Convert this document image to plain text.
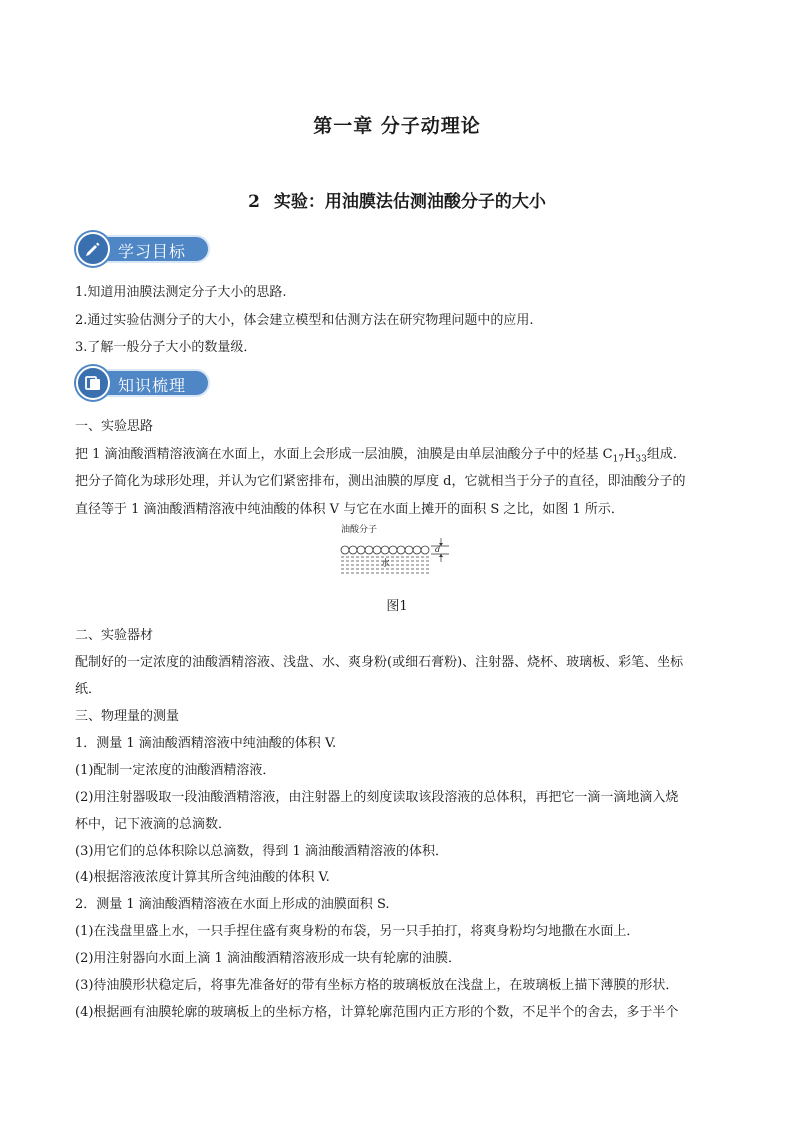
第一章 分子动理论
2 实验：用油膜法估测油酸分子的大小
学习目标
1.知道用油膜法测定分子大小的思路.
2.通过实验估测分子的大小，体会建立模型和估测方法在研究物理问题中的应用.
3.了解一般分子大小的数量级．
知识梳理
一、实验思路
把 1 滴油酸酒精溶液滴在水面上，水面上会形成一层油膜，油膜是由单层油酸分子中的烃基 $C_{17}H_{33}$组成．
把分子简化为球形处理，并认为它们紧密排布，测出油膜的厚度 d，它就相当于分子的直径，即油酸分子的
直径等于 1 滴油酸酒精溶液中纯油酸的体积 V 与它在水面上摊开的面积 S 之比，如图 1 所示．
油酸分子
水
d
图1
二、实验器材
配制好的一定浓度的油酸酒精溶液、浅盘、水、爽身粉(或细石膏粉)、注射器、烧杯、玻璃板、彩笔、坐标
纸．
三、物理量的测量
1．测量 1 滴油酸酒精溶液中纯油酸的体积 V.
(1)配制一定浓度的油酸酒精溶液．
(2)用注射器吸取一段油酸酒精溶液，由注射器上的刻度读取该段溶液的总体积，再把它一滴一滴地滴入烧
杯中，记下液滴的总滴数．
(3)用它们的总体积除以总滴数，得到 1 滴油酸酒精溶液的体积．
(4)根据溶液浓度计算其所含纯油酸的体积 V.
2．测量 1 滴油酸酒精溶液在水面上形成的油膜面积 S.
(1)在浅盘里盛上水，一只手捏住盛有爽身粉的布袋，另一只手拍打，将爽身粉均匀地撒在水面上．
(2)用注射器向水面上滴 1 滴油酸酒精溶液形成一块有轮廓的油膜．
(3)待油膜形状稳定后，将事先准备好的带有坐标方格的玻璃板放在浅盘上，在玻璃板上描下薄膜的形状．
(4)根据画有油膜轮廓的玻璃板上的坐标方格，计算轮廓范围内正方形的个数，不足半个的舍去，多于半个
